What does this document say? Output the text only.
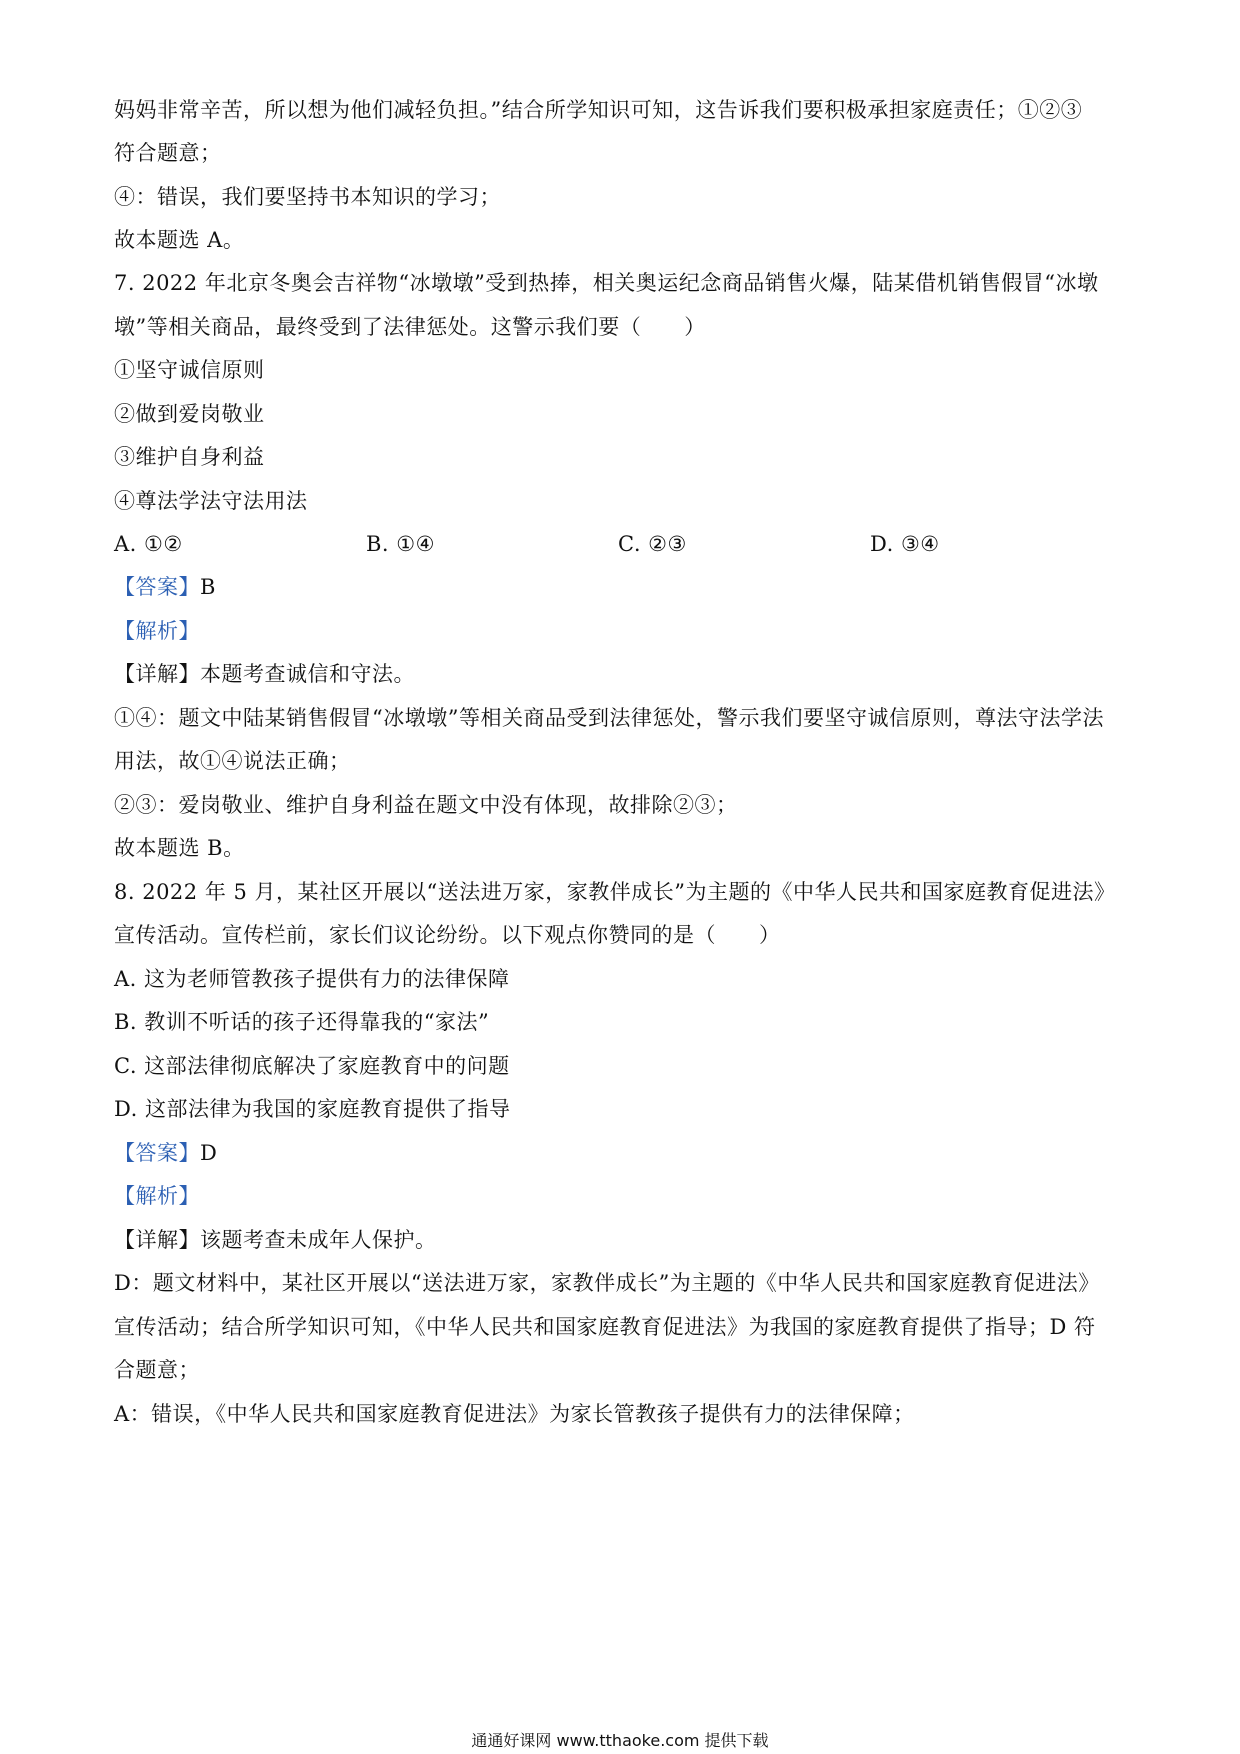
妈妈非常辛苦，所以想为他们减轻负担。”结合所学知识可知，这告诉我们要积极承担家庭责任；①②③
符合题意；
④：错误，我们要坚持书本知识的学习；
故本题选 A。
7. 2022 年北京冬奥会吉祥物“冰墩墩”受到热捧，相关奥运纪念商品销售火爆，陆某借机销售假冒“冰墩
墩”等相关商品，最终受到了法律惩处。这警示我们要（　　）
①坚守诚信原则
②做到爱岗敬业
③维护自身利益
④尊法学法守法用法
A. ①②	B. ①④	C. ②③	D. ③④
【答案】B
【解析】
【详解】本题考查诚信和守法。
①④：题文中陆某销售假冒“冰墩墩”等相关商品受到法律惩处，警示我们要坚守诚信原则，尊法守法学法
用法，故①④说法正确；
②③：爱岗敬业、维护自身利益在题文中没有体现，故排除②③；
故本题选 B。
8. 2022 年 5 月，某社区开展以“送法进万家，家教伴成长”为主题的《中华人民共和国家庭教育促进法》
宣传活动。宣传栏前，家长们议论纷纷。以下观点你赞同的是（　　）
A. 这为老师管教孩子提供有力的法律保障
B. 教训不听话的孩子还得靠我的“家法”
C. 这部法律彻底解决了家庭教育中的问题
D. 这部法律为我国的家庭教育提供了指导
【答案】D
【解析】
【详解】该题考查未成年人保护。
D：题文材料中，某社区开展以“送法进万家，家教伴成长”为主题的《中华人民共和国家庭教育促进法》
宣传活动；结合所学知识可知，《中华人民共和国家庭教育促进法》为我国的家庭教育提供了指导；D 符
合题意；
A：错误，《中华人民共和国家庭教育促进法》为家长管教孩子提供有力的法律保障；
通通好课网 www.tthaoke.com 提供下载
